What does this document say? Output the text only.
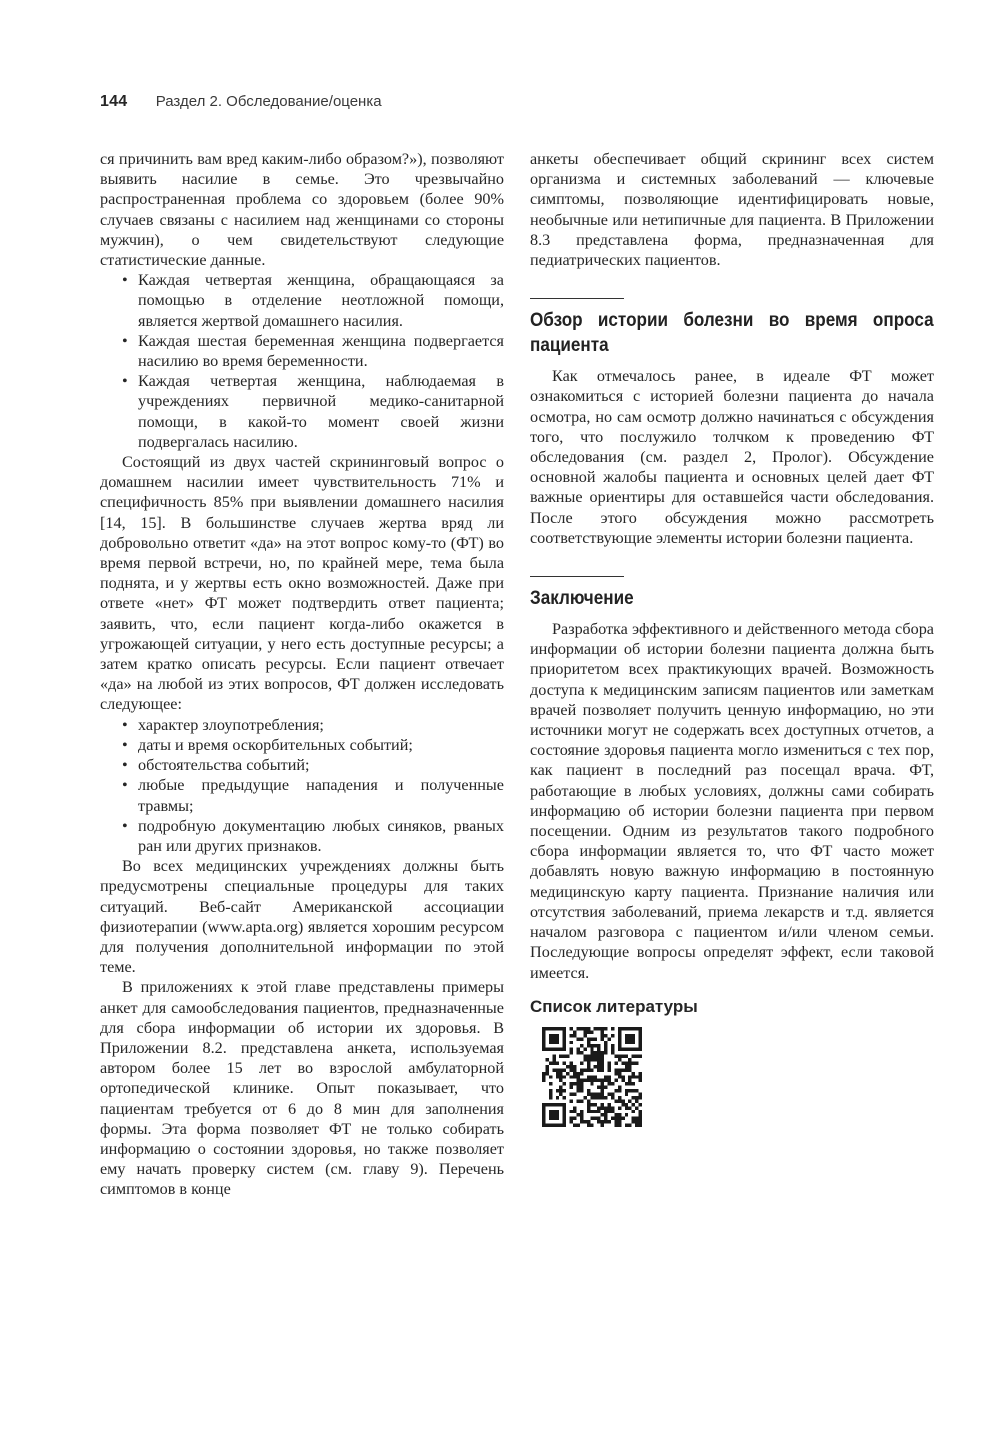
144 Раздел 2. Обследование/оценка

ся причинить вам вред каким-либо образом?»), позволяют выявить насилие в семье. Это чрезвычайно распространенная проблема со здоровьем (более 90% случаев связаны с насилием над женщинами со стороны мужчин), о чем свидетельствуют следующие статистические данные.

• Каждая четвертая женщина, обращающаяся за помощью в отделение неотложной помощи, является жертвой домашнего насилия.
• Каждая шестая беременная женщина подвергается насилию во время беременности.
• Каждая четвертая женщина, наблюдаемая в учреждениях первичной медико-санитарной помощи, в какой-то момент своей жизни подвергалась насилию.

Состоящий из двух частей скрининговый вопрос о домашнем насилии имеет чувствительность 71% и специфичность 85% при выявлении домашнего насилия [14, 15]. В большинстве случаев жертва вряд ли добровольно ответит «да» на этот вопрос кому-то (ФТ) во время первой встречи, но, по крайней мере, тема была поднята, и у жертвы есть окно возможностей. Даже при ответе «нет» ФТ может подтвердить ответ пациента; заявить, что, если пациент когда-либо окажется в угрожающей ситуации, у него есть доступные ресурсы; а затем кратко описать ресурсы. Если пациент отвечает «да» на любой из этих вопросов, ФТ должен исследовать следующее:

• характер злоупотребления;
• даты и время оскорбительных событий;
• обстоятельства событий;
• любые предыдущие нападения и полученные травмы;
• подробную документацию любых синяков, рваных ран или других признаков.

Во всех медицинских учреждениях должны быть предусмотрены специальные процедуры для таких ситуаций. Веб-сайт Американской ассоциации физиотерапии (www.apta.org) является хорошим ресурсом для получения дополнительной информации по этой теме.

В приложениях к этой главе представлены примеры анкет для самообследования пациентов, предназначенные для сбора информации об истории их здоровья. В Приложении 8.2. представлена анкета, используемая автором более 15 лет во взрослой амбулаторной ортопедической клинике. Опыт показывает, что пациентам требуется от 6 до 8 мин для заполнения формы. Эта форма позволяет ФТ не только собирать информацию о состоянии здоровья, но также позволяет ему начать проверку систем (см. главу 9). Перечень симптомов в конце

анкеты обеспечивает общий скрининг всех систем организма и системных заболеваний — ключевые симптомы, позволяющие идентифицировать новые, необычные или нетипичные для пациента. В Приложении 8.3 представлена форма, предназначенная для педиатрических пациентов.

Обзор истории болезни во время опроса пациента

Как отмечалось ранее, в идеале ФТ может ознакомиться с историей болезни пациента до начала осмотра, но сам осмотр должно начинаться с обсуждения того, что послужило толчком к проведению ФТ обследования (см. раздел 2, Пролог). Обсуждение основной жалобы пациента и основных целей дает ФТ важные ориентиры для оставшейся части обследования. После этого обсуждения можно рассмотреть соответствующие элементы истории болезни пациента.

Заключение

Разработка эффективного и действенного метода сбора информации об истории болезни пациента должна быть приоритетом всех практикующих врачей. Возможность доступа к медицинским записям пациентов или заметкам врачей позволяет получить ценную информацию, но эти источники могут не содержать всех доступных отчетов, а состояние здоровья пациента могло измениться с тех пор, как пациент в последний раз посещал врача. ФТ, работающие в любых условиях, должны сами собирать информацию об истории болезни пациента при первом посещении. Одним из результатов такого подробного сбора информации является то, что ФТ часто может добавлять новую важную информацию в постоянную медицинскую карту пациента. Признание наличия или отсутствия заболеваний, приема лекарств и т.д. является началом разговора с пациентом и/или членом семьи. Последующие вопросы определят эффект, если таковой имеется.

Список литературы
